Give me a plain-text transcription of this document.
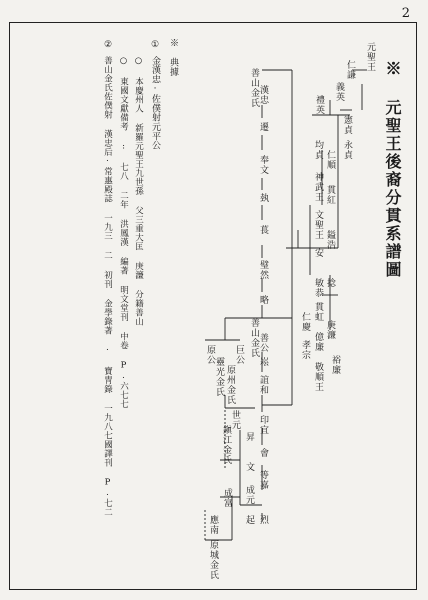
2
※ 元聖王後裔分貫系譜圖
元聖王
仁謙
義英
禮英
憲貞
永貞
仁順
貫紅
鎰浩
捻
庚濂
均貞
神武王
文聖王
安
敏恭
貫虹
億廉
裕廉
仁慶
孝宗
敬順王
善山金氏 漢忠
遷
奉文
埶
萇
璧然
略
善山金氏 善公
崧
誼和
印宜
會
等嘉
烈
巨公
原州金氏
原公
靈光金氏
世元
鎭江金氏 昇
文
成元
起
成富
應南
原城金氏
※ 典據
①
金漢忠·佐僕射元平公
○ 本慶州人 新羅元聖王九世孫 父三重大匡 庚濂 分籍善山
○ 東國文獻備考 : 七八 二年 洪鳳漢 編著 明文堂刊 中卷 P.六七七
②
善山金氏佐僕射 漢忠后·常惠殿誌 一九三 二 初刊 金學錄著 · 寶冑錄 一九八七國譯刊 P.七二
